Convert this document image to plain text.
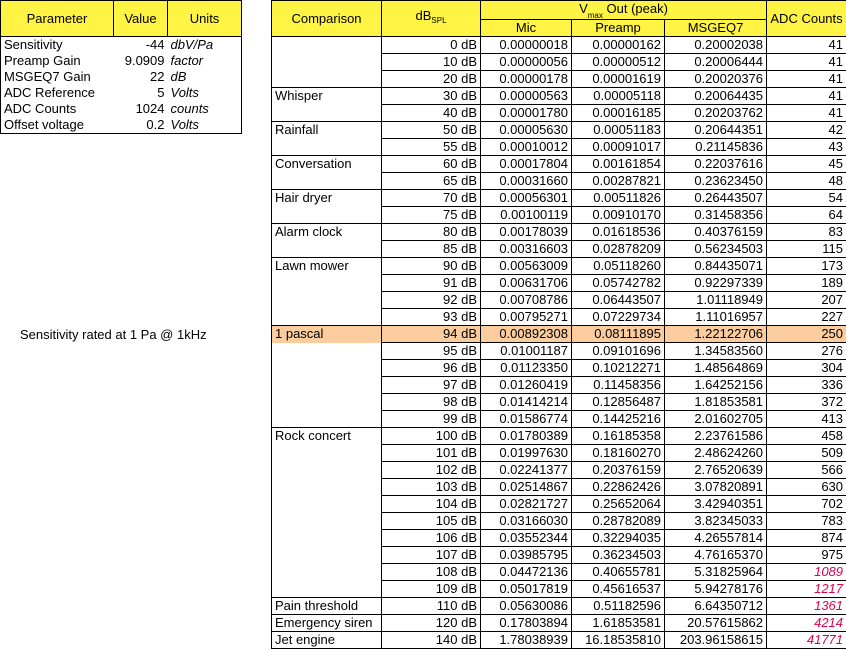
Parameter	Value	Units
Sensitivity	-44	dbV/Pa
Preamp Gain	9.0909	factor
MSGEQ7 Gain	22	dB
ADC Reference	5	Volts
ADC Counts	1024	counts
Offset voltage	0.2	Volts
Sensitivity rated at 1 Pa @ 1kHz
Comparison	$dB_{SPL}$	$V_{max}$ Out (peak)			ADC Counts
		Mic	Preamp	MSGEQ7	
	0 dB	0.00000018	0.00000162	0.20002038	41
	10 dB	0.00000056	0.00000512	0.20006444	41
	20 dB	0.00000178	0.00001619	0.20020376	41
Whisper	30 dB	0.00000563	0.00005118	0.20064435	41
	40 dB	0.00001780	0.00016185	0.20203762	41
Rainfall	50 dB	0.00005630	0.00051183	0.20644351	42
	55 dB	0.00010012	0.00091017	0.21145836	43
Conversation	60 dB	0.00017804	0.00161854	0.22037616	45
	65 dB	0.00031660	0.00287821	0.23623450	48
Hair dryer	70 dB	0.00056301	0.00511826	0.26443507	54
	75 dB	0.00100119	0.00910170	0.31458356	64
Alarm clock	80 dB	0.00178039	0.01618536	0.40376159	83
	85 dB	0.00316603	0.02878209	0.56234503	115
Lawn mower	90 dB	0.00563009	0.05118260	0.84435071	173
	91 dB	0.00631706	0.05742782	0.92297339	189
	92 dB	0.00708786	0.06443507	1.01118949	207
	93 dB	0.00795271	0.07229734	1.11016957	227
1 pascal	94 dB	0.00892308	0.08111895	1.22122706	250
	95 dB	0.01001187	0.09101696	1.34583560	276
	96 dB	0.01123350	0.10212271	1.48564869	304
	97 dB	0.01260419	0.11458356	1.64252156	336
	98 dB	0.01414214	0.12856487	1.81853581	372
	99 dB	0.01586774	0.14425216	2.01602705	413
Rock concert	100 dB	0.01780389	0.16185358	2.23761586	458
	101 dB	0.01997630	0.18160270	2.48624260	509
	102 dB	0.02241377	0.20376159	2.76520639	566
	103 dB	0.02514867	0.22862426	3.07820891	630
	104 dB	0.02821727	0.25652064	3.42940351	702
	105 dB	0.03166030	0.28782089	3.82345033	783
	106 dB	0.03552344	0.32294035	4.26557814	874
	107 dB	0.03985795	0.36234503	4.76165370	975
	108 dB	0.04472136	0.40655781	5.31825964	1089
	109 dB	0.05017819	0.45616537	5.94278176	1217
Pain threshold	110 dB	0.05630086	0.51182596	6.64350712	1361
Emergency siren	120 dB	0.17803894	1.61853581	20.57615862	4214
Jet engine	140 dB	1.78038939	16.18535810	203.96158615	41771
